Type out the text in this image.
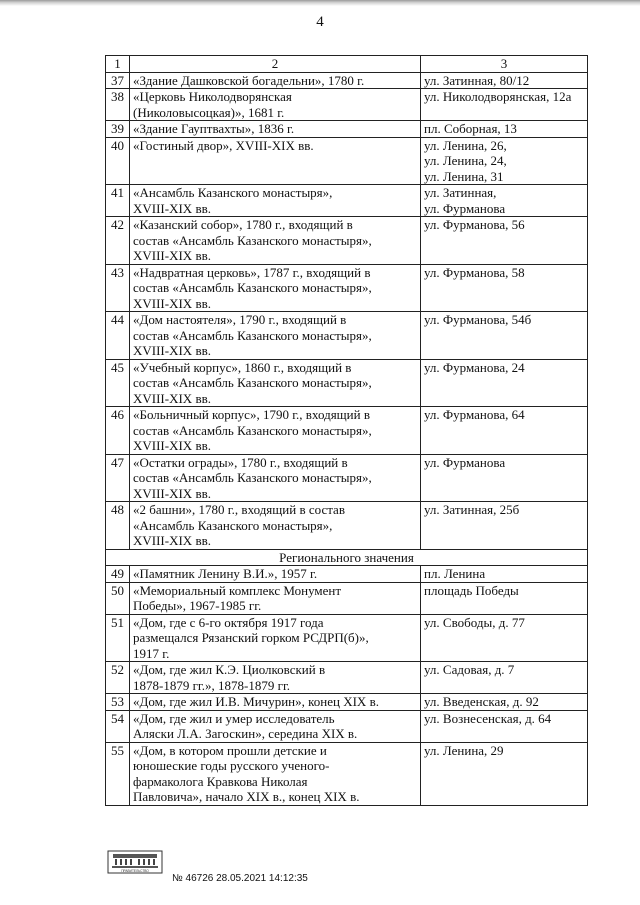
4
1	2	3
37	«Здание Дашковской богадельни», 1780 г.	ул. Затинная, 80/12

38	«Церковь Николодворянская
(Николовысоцкая)», 1681 г.	ул. Николодворянская, 12а

39	«Здание Гауптвахты», 1836 г.	пл. Соборная, 13

40	«Гостиный двор», XVIII-XIX вв.	ул. Ленина, 26,
ул. Ленина, 24,
ул. Ленина, 31

41	«Ансамбль Казанского монастыря»,
XVIII-XIX вв.	ул. Затинная,
ул. Фурманова

42	«Казанский собор», 1780 г., входящий в
состав «Ансамбль Казанского монастыря»,
XVIII-XIX вв.	ул. Фурманова, 56

43	«Надвратная церковь», 1787 г., входящий в
состав «Ансамбль Казанского монастыря»,
XVIII-XIX вв.	ул. Фурманова, 58

44	«Дом настоятеля», 1790 г., входящий в
состав «Ансамбль Казанского монастыря»,
XVIII-XIX вв.	ул. Фурманова, 54б

45	«Учебный корпус», 1860 г., входящий в
состав «Ансамбль Казанского монастыря»,
XVIII-XIX вв.	ул. Фурманова, 24

46	«Больничный корпус», 1790 г., входящий в
состав «Ансамбль Казанского монастыря»,
XVIII-XIX вв.	ул. Фурманова, 64

47	«Остатки ограды», 1780 г., входящий в
состав «Ансамбль Казанского монастыря»,
XVIII-XIX вв.	ул. Фурманова

48	«2 башни», 1780 г., входящий в состав
«Ансамбль Казанского монастыря»,
XVIII-XIX вв.	ул. Затинная, 25б

Регионального значения		
49	«Памятник Ленину В.И.», 1957 г.	пл. Ленина

50	«Мемориальный комплекс Монумент
Победы», 1967-1985 гг.	площадь Победы

51	«Дом, где с 6-го октября 1917 года
размещался Рязанский горком РСДРП(б)»,
1917 г.	ул. Свободы, д. 77

52	«Дом, где жил К.Э. Циолковский в
1878-1879 гг.», 1878-1879 гг.	ул. Садовая, д. 7

53	«Дом, где жил И.В. Мичурин», конец XIX в.	ул. Введенская, д. 92

54	«Дом, где жил и умер исследователь
Аляски Л.А. Загоскин», середина XIX в.	ул. Вознесенская, д. 64

55	«Дом, в котором прошли детские и
юношеские годы русского ученого-
фармаколога Кравкова Николая
Павловича», начало XIX в., конец XIX в.	ул. Ленина, 29
ПРАВИТЕЛЬСТВО
№ 46726 28.05.2021 14:12:35
